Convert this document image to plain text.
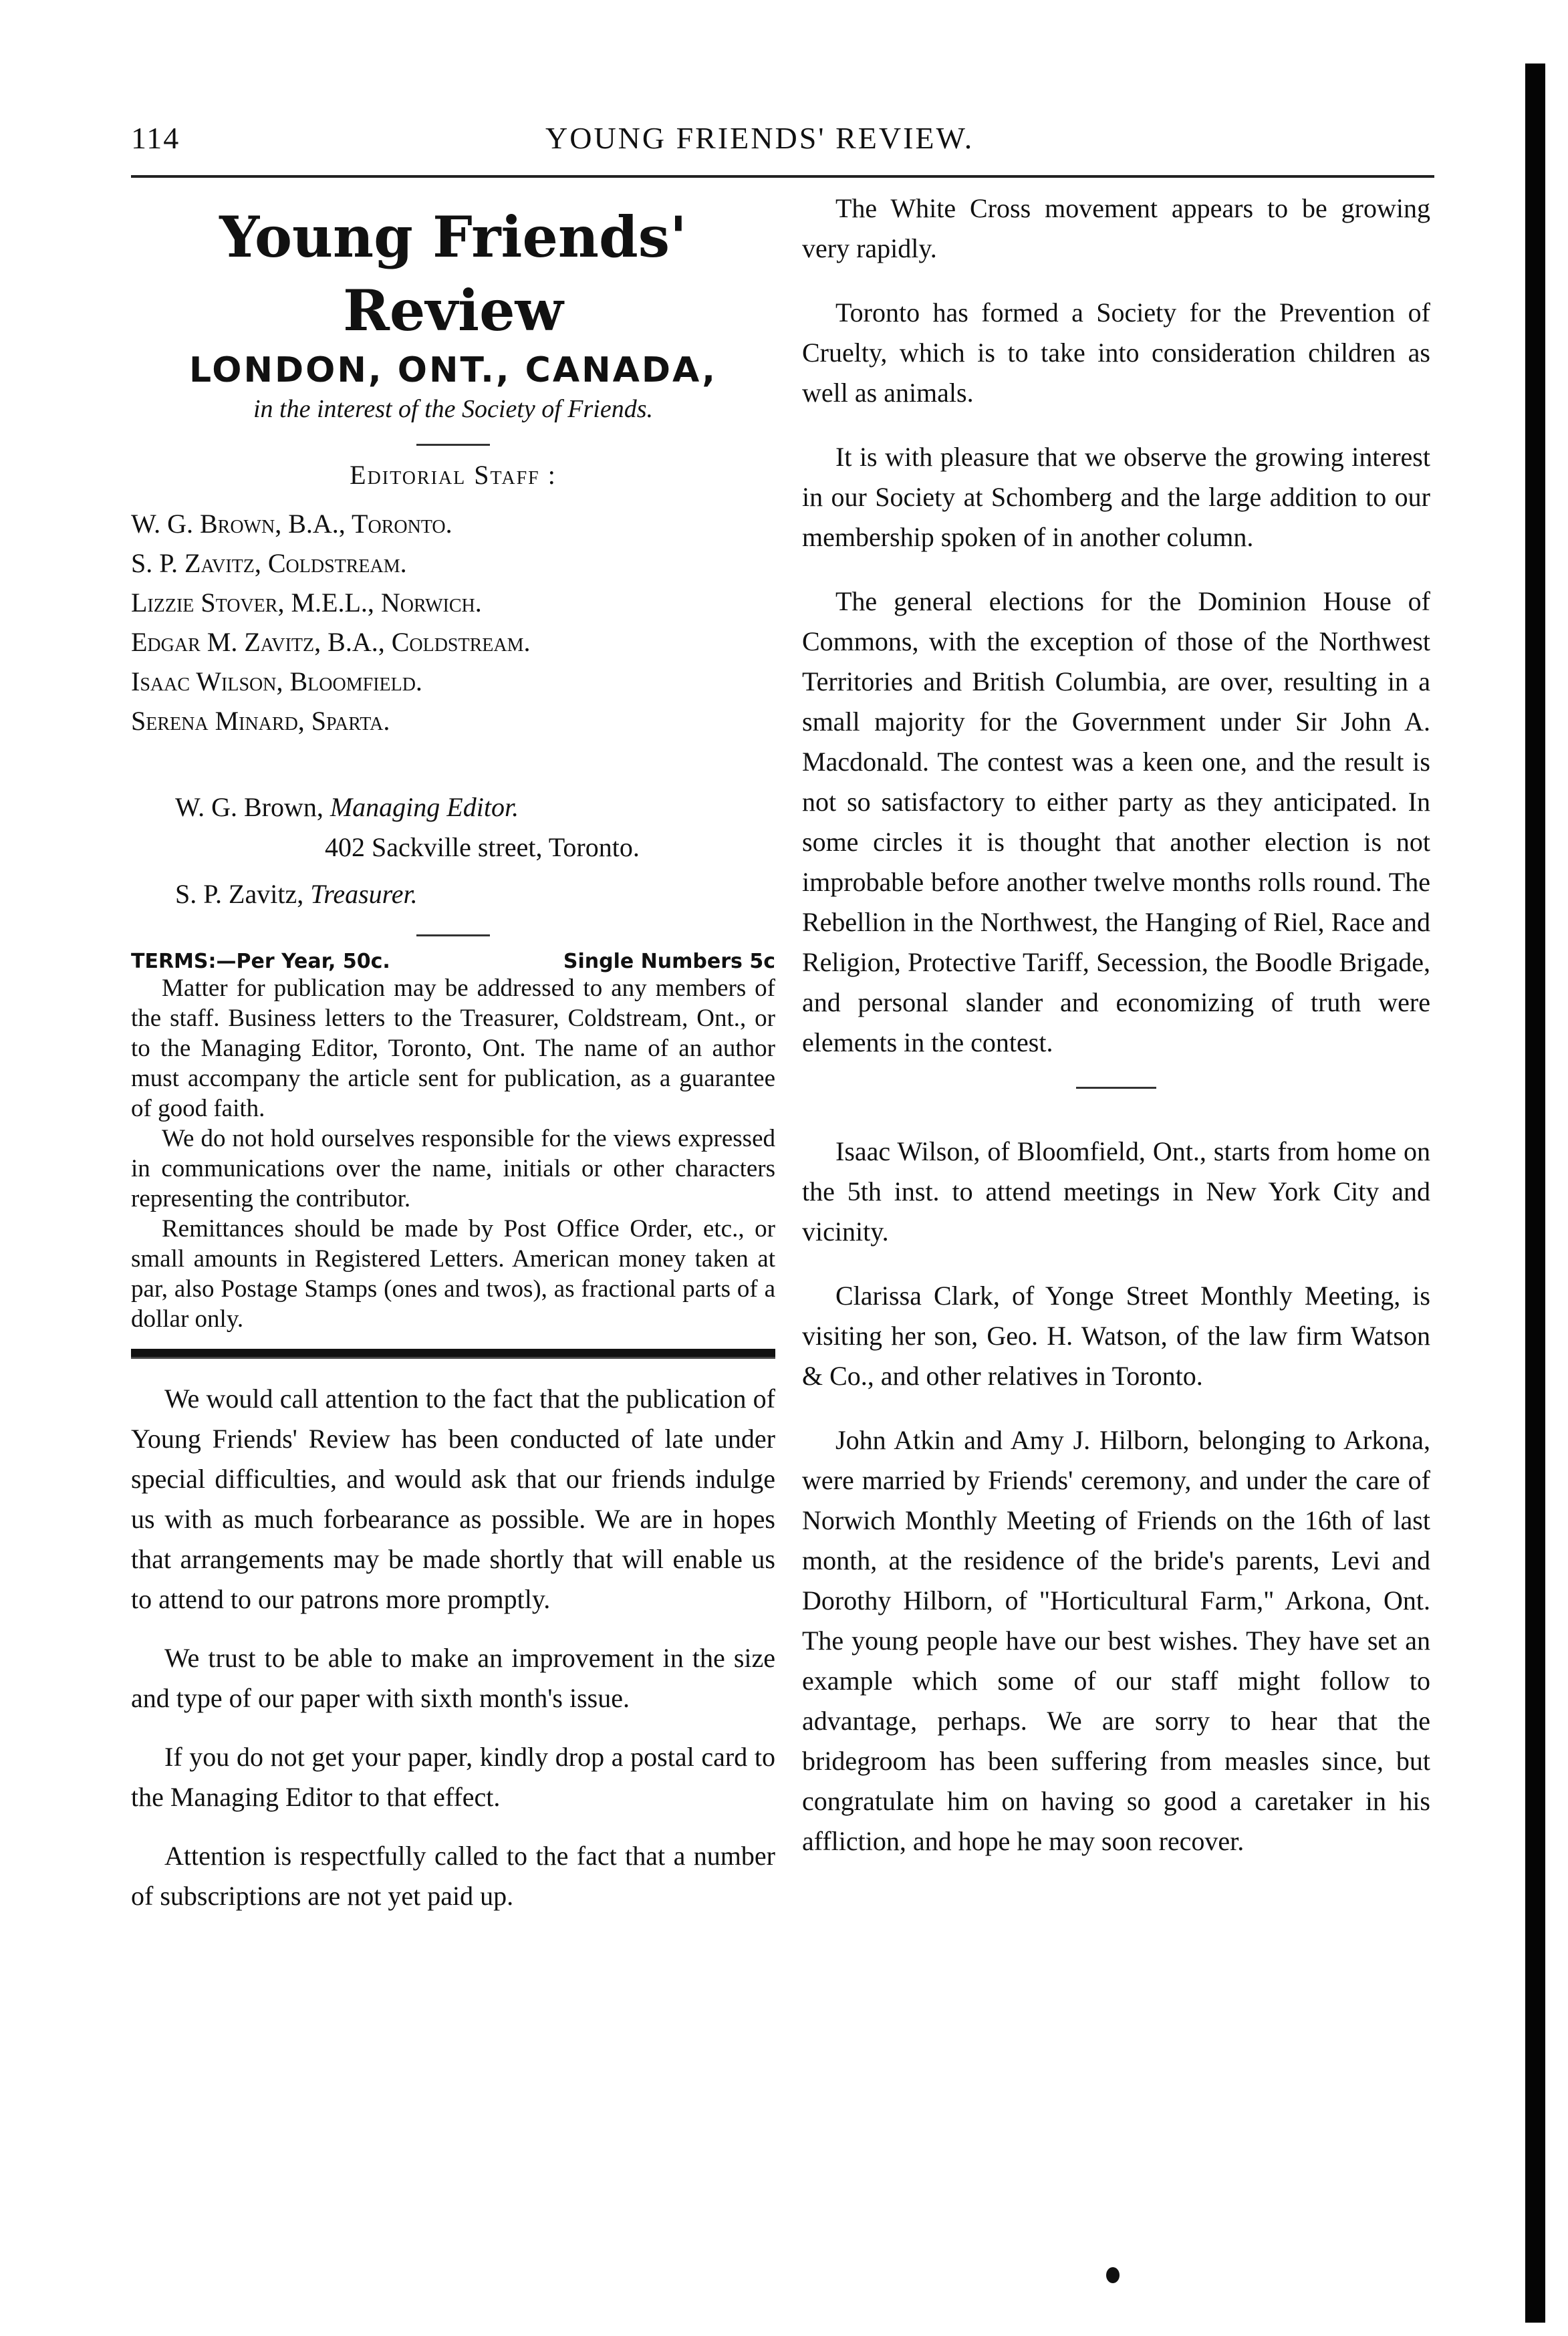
114	YOUNG FRIENDS' REVIEW.
Young Friends' Review
LONDON, ONT., CANADA,
in the interest of the Society of Friends.
Editorial Staff :
W. G. Brown, B.A., Toronto.
S. P. Zavitz, Coldstream.
Lizzie Stover, M.E.L., Norwich.
Edgar M. Zavitz, B.A., Coldstream.
Isaac Wilson, Bloomfield.
Serena Minard, Sparta.
W. G. Brown, Managing Editor.
402 Sackville street, Toronto.
S. P. Zavitz, Treasurer.
TERMS:—Per Year, 50c.	Single Numbers 5c

Matter for publication may be addressed to any members of the staff. Business letters to the Treasurer, Coldstream, Ont., or to the Managing Editor, Toronto, Ont. The name of an author must accompany the article sent for publication, as a guarantee of good faith.

We do not hold ourselves responsible for the views expressed in communications over the name, initials or other characters representing the contributor.

Remittances should be made by Post Office Order, etc., or small amounts in Registered Letters. American money taken at par, also Postage Stamps (ones and twos), as fractional parts of a dollar only.

We would call attention to the fact that the publication of Young Friends' Review has been conducted of late under special difficulties, and would ask that our friends indulge us with as much forbearance as possible. We are in hopes that arrangements may be made shortly that will enable us to attend to our patrons more promptly.

We trust to be able to make an improvement in the size and type of our paper with sixth month's issue.

If you do not get your paper, kindly drop a postal card to the Managing Editor to that effect.

Attention is respectfully called to the fact that a number of subscriptions are not yet paid up.

The White Cross movement appears to be growing very rapidly.

Toronto has formed a Society for the Prevention of Cruelty, which is to take into consideration children as well as animals.

It is with pleasure that we observe the growing interest in our Society at Schomberg and the large addition to our membership spoken of in another column.

The general elections for the Dominion House of Commons, with the exception of those of the Northwest Territories and British Columbia, are over, resulting in a small majority for the Government under Sir John A. Macdonald. The contest was a keen one, and the result is not so satisfactory to either party as they anticipated. In some circles it is thought that another election is not improbable before another twelve months rolls round. The Rebellion in the Northwest, the Hanging of Riel, Race and Religion, Protective Tariff, Secession, the Boodle Brigade, and personal slander and economizing of truth were elements in the contest.

Isaac Wilson, of Bloomfield, Ont., starts from home on the 5th inst. to attend meetings in New York City and vicinity.

Clarissa Clark, of Yonge Street Monthly Meeting, is visiting her son, Geo. H. Watson, of the law firm Watson & Co., and other relatives in Toronto.

John Atkin and Amy J. Hilborn, belonging to Arkona, were married by Friends' ceremony, and under the care of Norwich Monthly Meeting of Friends on the 16th of last month, at the residence of the bride's parents, Levi and Dorothy Hilborn, of "Horticultural Farm," Arkona, Ont. The young people have our best wishes. They have set an example which some of our staff might follow to advantage, perhaps. We are sorry to hear that the bridegroom has been suffering from measles since, but congratulate him on having so good a caretaker in his affliction, and hope he may soon recover.
